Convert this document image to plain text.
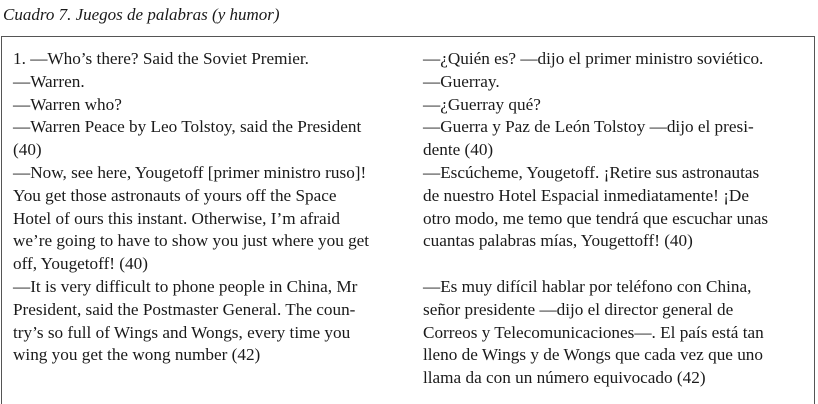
Cuadro 7. Juegos de palabras (y humor)
1. —Who’s there? Said the Soviet Premier.
—Warren.
—Warren who?
—Warren Peace by Leo Tolstoy, said the President
(40)
—Now, see here, Yougetoff [primer ministro ruso]!
You get those astronauts of yours off the Space
Hotel of ours this instant. Otherwise, I’m afraid
we’re going to have to show you just where you get
off, Yougetoff! (40)
—It is very difficult to phone people in China, Mr
President, said the Postmaster General. The coun-
try’s so full of Wings and Wongs, every time you
wing you get the wong number (42)
—¿Quién es? —dijo el primer ministro soviético.
—Guerray.
—¿Guerray qué?
—Guerra y Paz de León Tolstoy —dijo el presi-
dente (40)
—Escúcheme, Yougetoff. ¡Retire sus astronautas
de nuestro Hotel Espacial inmediatamente! ¡De
otro modo, me temo que tendrá que escuchar unas
cuantas palabras mías, Yougettoff! (40)
—Es muy difícil hablar por teléfono con China,
señor presidente —dijo el director general de
Correos y Telecomunicaciones—. El país está tan
lleno de Wings y de Wongs que cada vez que uno
llama da con un número equivocado (42)
